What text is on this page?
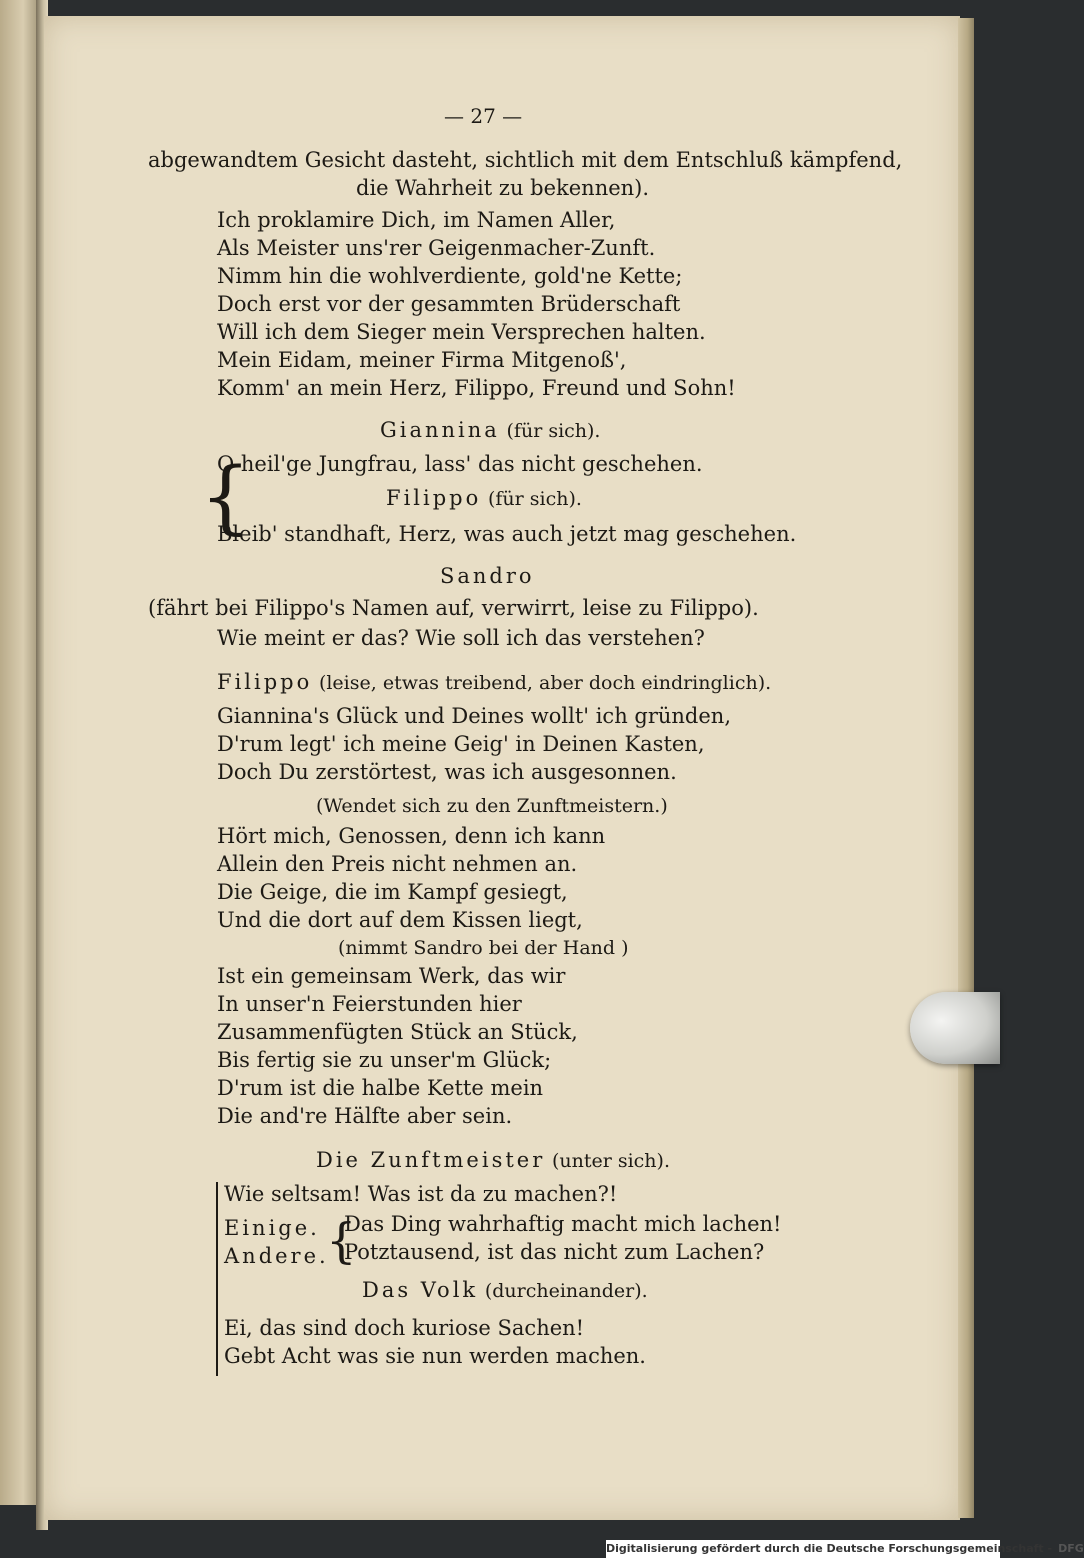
— 27 —

abgewandtem Gesicht dasteht, sichtlich mit dem Entschluß kämpfend,

die Wahrheit zu bekennen).

Ich proklamire Dich, im Namen Aller,

Als Meister uns'rer Geigenmacher-Zunft.

Nimm hin die wohlverdiente, gold'ne Kette;

Doch erst vor der gesammten Brüderschaft

Will ich dem Sieger mein Versprechen halten.

Mein Eidam, meiner Firma Mitgenoß',

Komm' an mein Herz, Filippo, Freund und Sohn!

Giannina (für sich).

{

O heil'ge Jungfrau, lass' das nicht geschehen.

Filippo (für sich).

Bleib' standhaft, Herz, was auch jetzt mag geschehen.

Sandro

(fährt bei Filippo's Namen auf, verwirrt, leise zu Filippo).

Wie meint er das? Wie soll ich das verstehen?

Filippo (leise, etwas treibend, aber doch eindringlich).

Giannina's Glück und Deines wollt' ich gründen,

D'rum legt' ich meine Geig' in Deinen Kasten,

Doch Du zerstörtest, was ich ausgesonnen.

(Wendet sich zu den Zunftmeistern.)

Hört mich, Genossen, denn ich kann

Allein den Preis nicht nehmen an.

Die Geige, die im Kampf gesiegt,

Und die dort auf dem Kissen liegt,

(nimmt Sandro bei der Hand )

Ist ein gemeinsam Werk, das wir

In unser'n Feierstunden hier

Zusammenfügten Stück an Stück,

Bis fertig sie zu unser'm Glück;

D'rum ist die halbe Kette mein

Die and're Hälfte aber sein.

Die Zunftmeister (unter sich).

Wie seltsam! Was ist da zu machen?!

Einige. {

Das Ding wahrhaftig macht mich lachen!

Andere. Potztausend, ist das nicht zum Lachen?

Das Volk (durcheinander).

Ei, das sind doch kuriose Sachen!

Gebt Acht was sie nun werden machen.

Digitalisierung gefördert durch die Deutsche Forschungsgemeinschaft - DFG
